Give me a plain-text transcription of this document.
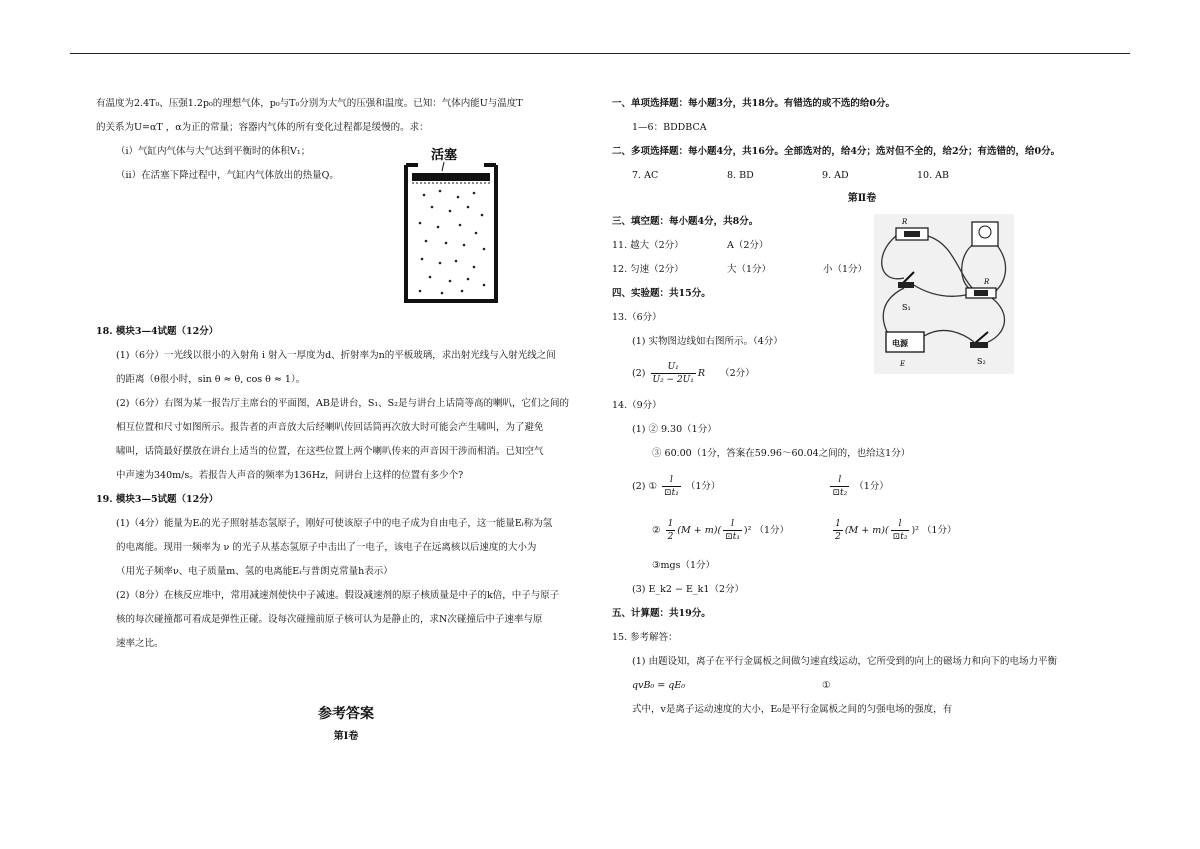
有温度为2.4T₀、压强1.2p₀的理想气体，p₀与T₀分别为大气的压强和温度。已知：气体内能U与温度T
的关系为U=αT ，α为正的常量；容器内气体的所有变化过程都是缓慢的。求：
（i）气缸内气体与大气达到平衡时的体积V₁；
（ii）在活塞下降过程中，气缸内气体放出的热量Q。
18. 模块3—4试题（12分）
(1)（6分）一光线以很小的入射角 i 射入一厚度为d、折射率为n的平板玻璃，求出射光线与入射光线之间
的距离（θ很小时，sin θ ≈ θ, cos θ ≈ 1）。
(2)（6分）右图为某一报告厅主席台的平面图，AB是讲台，S₁、S₂是与讲台上话筒等高的喇叭，它们之间的
相互位置和尺寸如图所示。报告者的声音放大后经喇叭传回话筒再次放大时可能会产生啸叫，为了避免
啸叫，话筒最好摆放在讲台上适当的位置，在这些位置上两个喇叭传来的声音因干涉而相消。已知空气
中声速为340m/s。若报告人声音的频率为136Hz，问讲台上这样的位置有多少个?
19. 模块3—5试题（12分）
(1)（4分）能量为Eᵢ的光子照射基态氢原子，刚好可使该原子中的电子成为自由电子，这一能量Eᵢ称为氢
的电离能。现用一频率为 ν 的光子从基态氢原子中击出了一电子，该电子在远离核以后速度的大小为
（用光子频率ν、电子质量m、氢的电离能Eᵢ与普朗克常量h表示）
(2)（8分）在核反应堆中，常用减速剂使快中子减速。假设减速剂的原子核质量是中子的k倍，中子与原子
核的每次碰撞都可看成是弹性正碰。设每次碰撞前原子核可认为是静止的，求N次碰撞后中子速率与原
速率之比。
参考答案
第Ⅰ卷
活塞
一、单项选择题：每小题3分，共18分。有错选的或不选的给0分。
1—6：BDDBCA
二、多项选择题：每小题4分，共16分。全部选对的，给4分；选对但不全的，给2分；有选错的，给0分。
7. AC	8. BD	9. AD	10. AB
第Ⅱ卷
三、填空题：每小题4分，共8分。
11. 越大（2分）	A（2分）
12. 匀速（2分）	大（1分）	小（1分）
四、实验题：共15分。
13.（6分）
(1) 实物图边线如右图所示。（4分）
$(2) \frac{\text{U₁}}{\text{U₂ − 2U₁}}$ R （2分）
14.（9分）
(1) ② 9.30（1分）
③ 60.00（1分，答案在59.96～60.04之间的，也给这1分）
(2) ① $\frac{l}{\text{⊡t₁}} (1$分）	$\frac{l}{\text{⊡t₂}} (1$分）
② $\frac{1}{2} (M + m)( \frac{l}{\text{⊡t₁}} )^2$ （1分）	$\frac{1}{2} (M + m)( \frac{l}{\text{⊡t₂}} )^2$ （1分）
③mgs（1分）
(3) E_k2 − E_k1（2分）
五、计算题：共19分。
15. 参考解答：
(1) 由题设知，离子在平行金属板之间做匀速直线运动，它所受到的向上的磁场力和向下的电场力平衡
qvB₀ = qE₀	①
式中，v是离子运动速度的大小，E₀是平行金属板之间的匀强电场的强度，有
R
R
S₁
电源
E	S₂
